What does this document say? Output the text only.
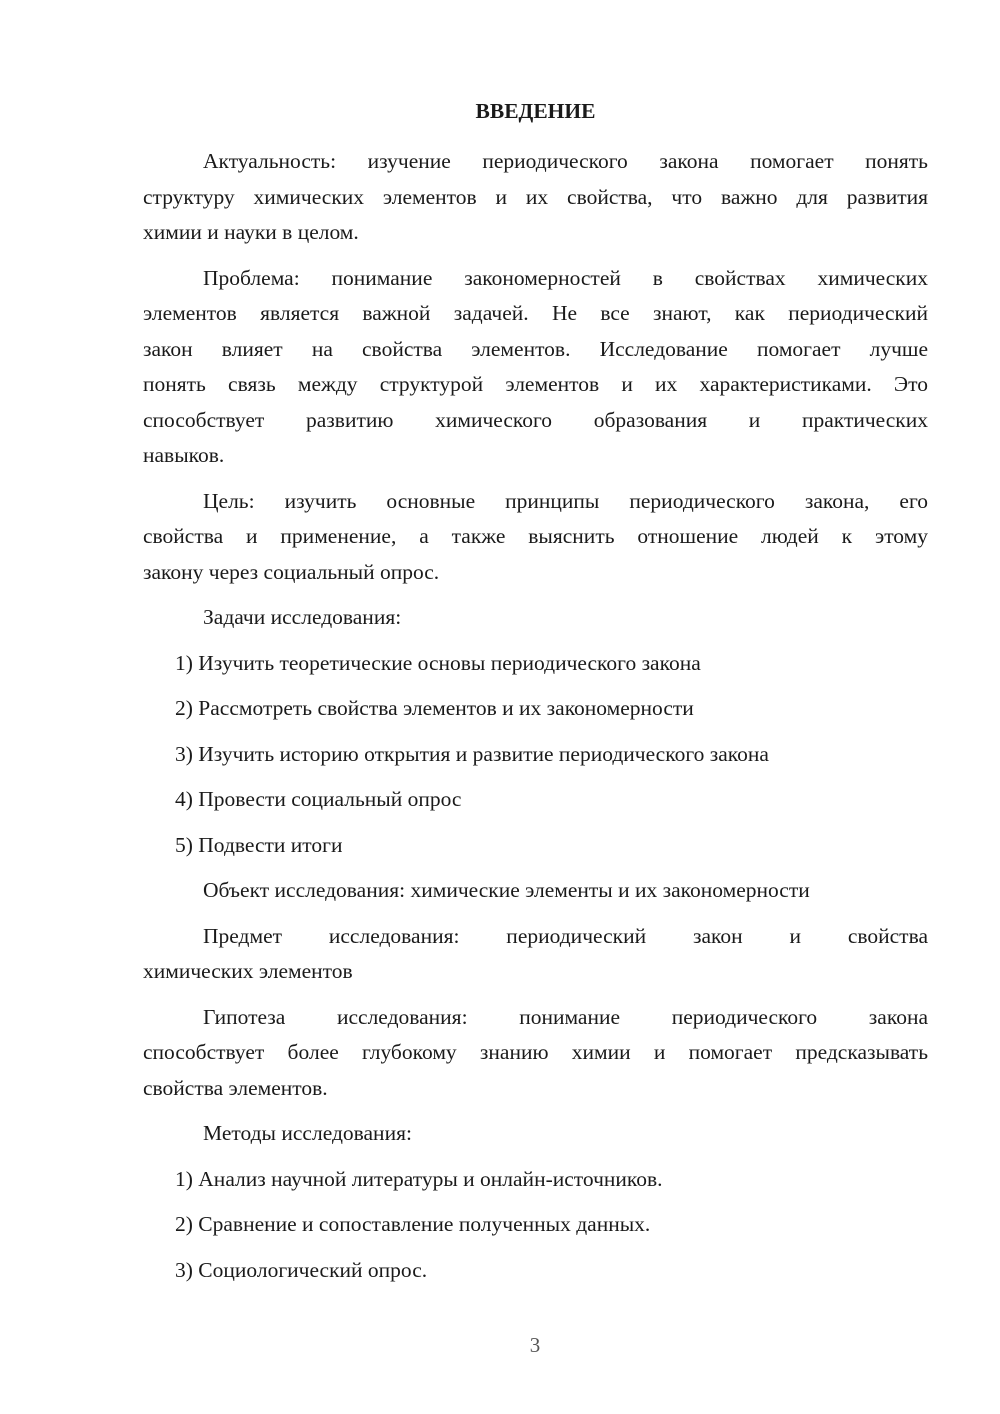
ВВЕДЕНИЕ
Актуальность: изучение периодического закона помогает понять
структуру химических элементов и их свойства, что важно для развития
химии и науки в целом.
Проблема: понимание закономерностей в свойствах химических
элементов является важной задачей. Не все знают, как периодический
закон влияет на свойства элементов. Исследование помогает лучше
понять связь между структурой элементов и их характеристиками. Это
способствует развитию химического образования и практических
навыков.
Цель: изучить основные принципы периодического закона, его
свойства и применение, а также выяснить отношение людей к этому
закону через социальный опрос.
Задачи исследования:
1) Изучить теоретические основы периодического закона
2) Рассмотреть свойства элементов и их закономерности
3) Изучить историю открытия и развитие периодического закона
4) Провести социальный опрос
5) Подвести итоги
Объект исследования: химические элементы и их закономерности
Предмет исследования: периодический закон и свойства
химических элементов
Гипотеза исследования: понимание периодического закона
способствует более глубокому знанию химии и помогает предсказывать
свойства элементов.
Методы исследования:
1) Анализ научной литературы и онлайн-источников.
2) Сравнение и сопоставление полученных данных.
3) Социологический опрос.
3
